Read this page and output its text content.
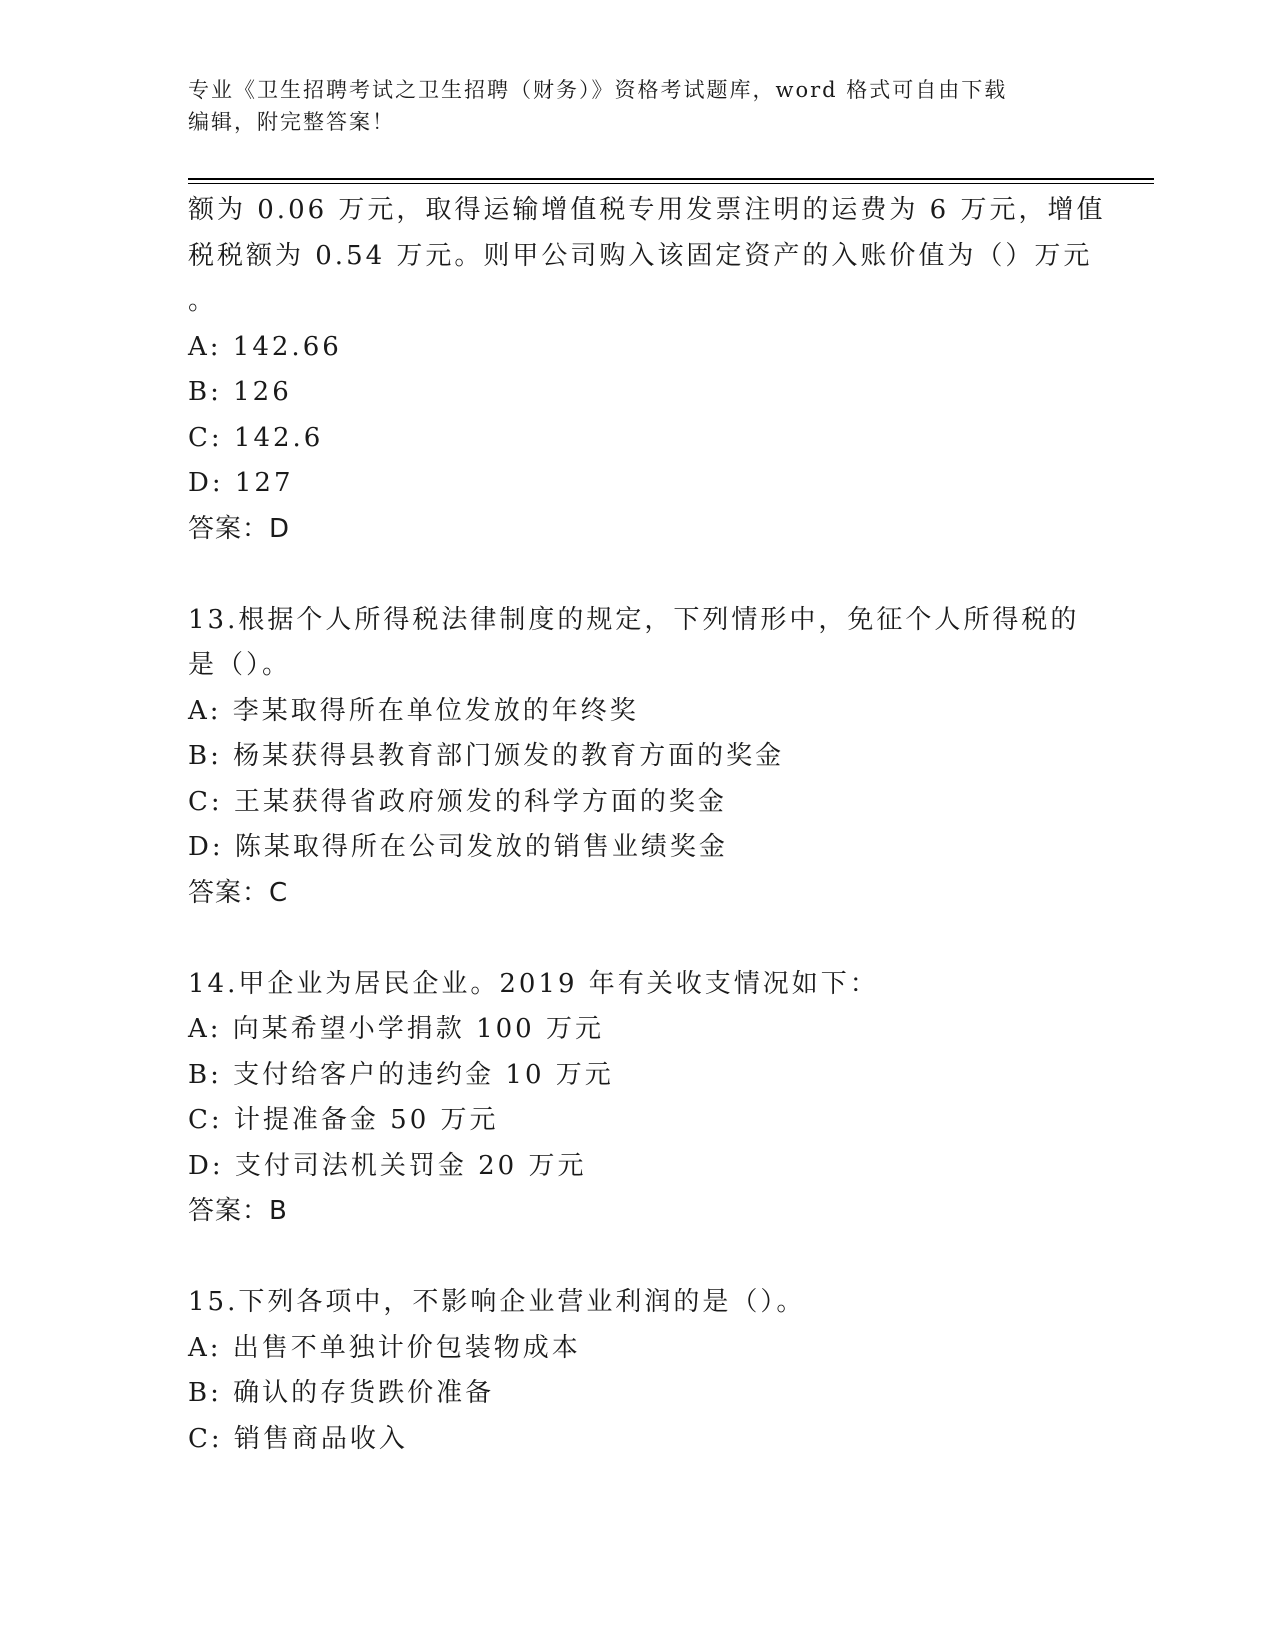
专业《卫生招聘考试之卫生招聘（财务）》资格考试题库，word 格式可自由下载
编辑，附完整答案！
额为 0.06 万元，取得运输增值税专用发票注明的运费为 6 万元，增值
税税额为 0.54 万元。则甲公司购入该固定资产的入账价值为（）万元
。
A: 142.66
B: 126
C: 142.6
D: 127
答案：D
13.根据个人所得税法律制度的规定，下列情形中，免征个人所得税的
是（）。
A: 李某取得所在单位发放的年终奖
B: 杨某获得县教育部门颁发的教育方面的奖金
C: 王某获得省政府颁发的科学方面的奖金
D: 陈某取得所在公司发放的销售业绩奖金
答案：C
14.甲企业为居民企业。2019 年有关收支情况如下：
A: 向某希望小学捐款 100 万元
B: 支付给客户的违约金 10 万元
C: 计提准备金 50 万元
D: 支付司法机关罚金 20 万元
答案：B
15.下列各项中，不影响企业营业利润的是（）。
A: 出售不单独计价包装物成本
B: 确认的存货跌价准备
C: 销售商品收入
